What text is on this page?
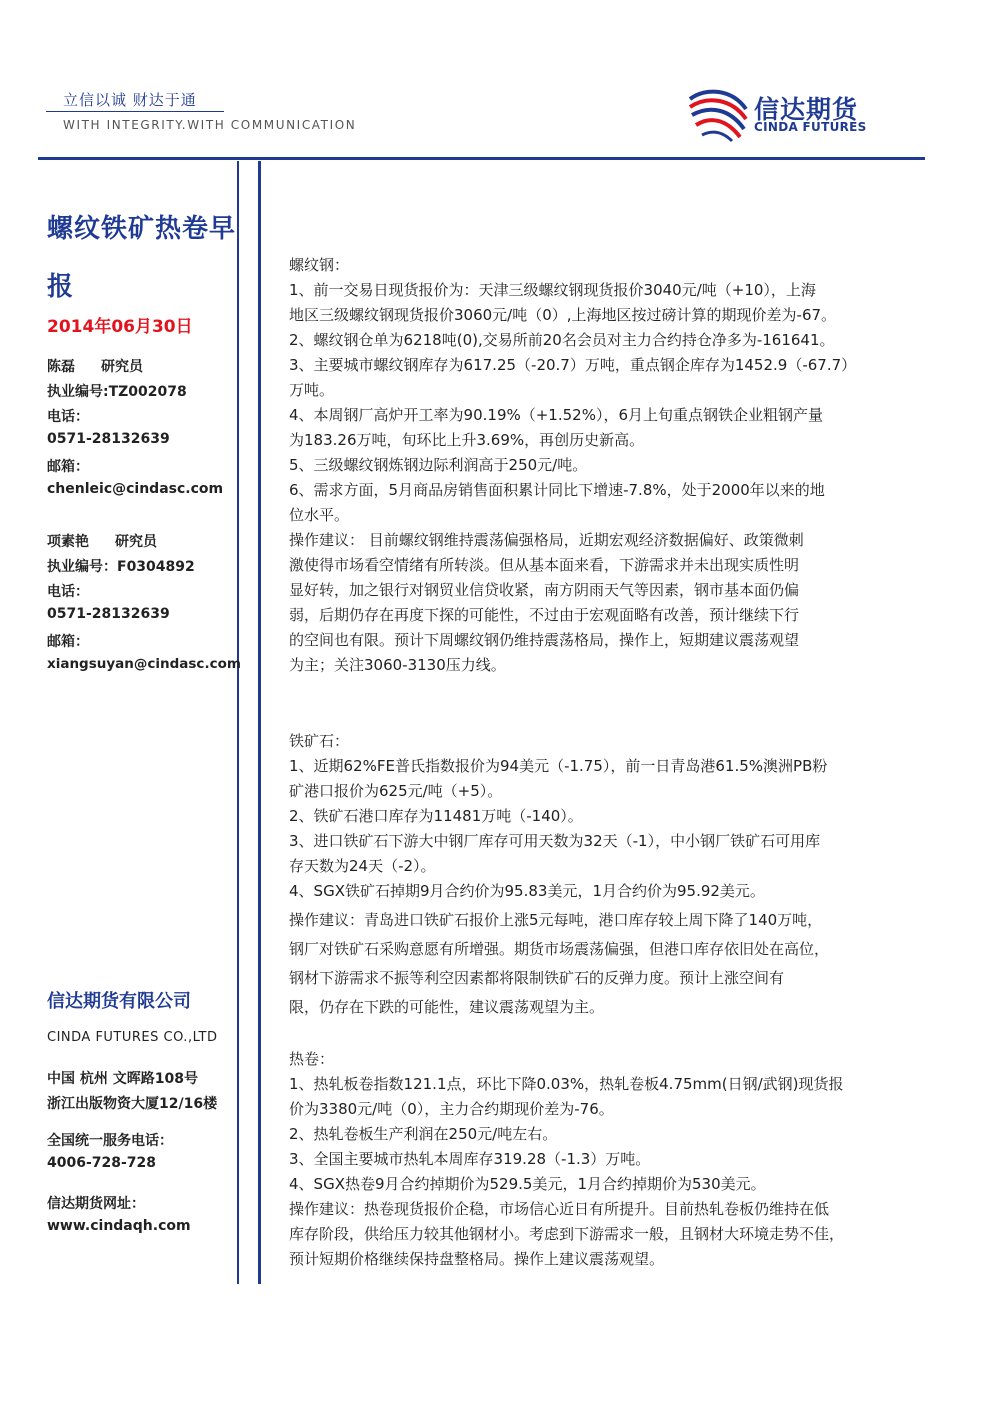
立信以诚 财达于通
WITH INTEGRITY.WITH COMMUNICATION
信达期货
CINDA FUTURES

螺纹铁矿热卷早

报

2014年06月30日
陈磊 研究员
执业编号:TZ002078
电话：
0571-28132639
邮箱：
chenleic@cindasc.com
项素艳 研究员
执业编号：F0304892
电话：
0571-28132639
邮箱：
xiangsuyan@cindasc.com
信达期货有限公司
CINDA FUTURES CO.,LTD
中国 杭州 文晖路108号
浙江出版物资大厦12/16楼
全国统一服务电话：
4006-728-728
信达期货网址：
www.cindaqh.com
螺纹钢：
1、前一交易日现货报价为：天津三级螺纹钢现货报价3040元/吨（+10），上海
地区三级螺纹钢现货报价3060元/吨（0）,上海地区按过磅计算的期现价差为-67。
2、螺纹钢仓单为6218吨(0),交易所前20名会员对主力合约持仓净多为-161641。
3、主要城市螺纹钢库存为617.25（-20.7）万吨，重点钢企库存为1452.9（-67.7）
万吨。
4、本周钢厂高炉开工率为90.19%（+1.52%），6月上旬重点钢铁企业粗钢产量
为183.26万吨，旬环比上升3.69%，再创历史新高。
5、三级螺纹钢炼钢边际利润高于250元/吨。
6、需求方面，5月商品房销售面积累计同比下增速-7.8%，处于2000年以来的地
位水平。
操作建议： 目前螺纹钢维持震荡偏强格局，近期宏观经济数据偏好、政策微刺
激使得市场看空情绪有所转淡。但从基本面来看，下游需求并未出现实质性明
显好转，加之银行对钢贸业信贷收紧，南方阴雨天气等因素，钢市基本面仍偏
弱，后期仍存在再度下探的可能性，不过由于宏观面略有改善，预计继续下行
的空间也有限。预计下周螺纹钢仍维持震荡格局，操作上，短期建议震荡观望
为主；关注3060-3130压力线。
铁矿石：
1、近期62%FE普氏指数报价为94美元（-1.75），前一日青岛港61.5%澳洲PB粉
矿港口报价为625元/吨（+5）。
2、铁矿石港口库存为11481万吨（-140）。
3、进口铁矿石下游大中钢厂库存可用天数为32天（-1），中小钢厂铁矿石可用库
存天数为24天（-2）。
4、SGX铁矿石掉期9月合约价为95.83美元，1月合约价为95.92美元。
操作建议：青岛进口铁矿石报价上涨5元每吨，港口库存较上周下降了140万吨，
钢厂对铁矿石采购意愿有所增强。期货市场震荡偏强，但港口库存依旧处在高位，
钢材下游需求不振等利空因素都将限制铁矿石的反弹力度。预计上涨空间有
限，仍存在下跌的可能性，建议震荡观望为主。
热卷：
1、热轧板卷指数121.1点，环比下降0.03%，热轧卷板4.75mm(日钢/武钢)现货报
价为3380元/吨（0），主力合约期现价差为-76。
2、热轧卷板生产利润在250元/吨左右。
3、全国主要城市热轧本周库存319.28（-1.3）万吨。
4、SGX热卷9月合约掉期价为529.5美元，1月合约掉期价为530美元。
操作建议：热卷现货报价企稳，市场信心近日有所提升。目前热轧卷板仍维持在低
库存阶段，供给压力较其他钢材小。考虑到下游需求一般，且钢材大环境走势不佳，
预计短期价格继续保持盘整格局。操作上建议震荡观望。
